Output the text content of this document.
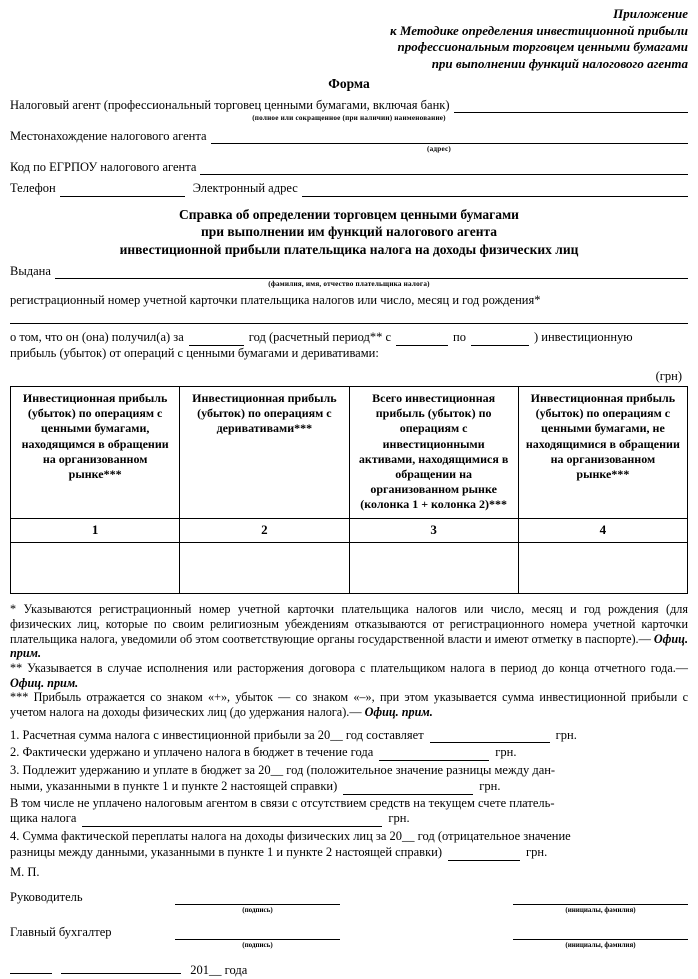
Приложение
к Методике определения инвестиционной прибыли
профессиональным торговцем ценными бумагами
при выполнении функций налогового агента
Форма
Налоговый агент (профессиональный торговец ценными бумагами, включая банк)
(полное или сокращенное (при наличии) наименование)
Местонахождение налогового агента
(адрес)
Код по ЕГРПОУ налогового агента
Телефон	Электронный адрес
Справка об определении торговцем ценными бумагами
при выполнении им функций налогового агента
инвестиционной прибыли плательщика налога на доходы физических лиц
Выдана
(фамилия, имя, отчество плательщика налога)
регистрационный номер учетной карточки плательщика налогов или число, месяц и год рождения*
о том, что он (она) получил(а) за	год (расчетный период** с	по	) инвестиционную
прибыль (убыток) от операций с ценными бумагами и деривативами:
(грн)
Инвестиционная прибыль (убыток) по операциям с ценными бумагами, находящимся в обращении на организованном рынке***	Инвестиционная прибыль (убыток) по операциям с деривативами***	Всего инвестиционная прибыль (убыток) по операциям с инвестиционными активами, находящимися в обращении на организованном рынке (колонка 1 + колонка 2)***	Инвестиционная прибыль (убыток) по операциям с ценными бумагами, не находящимися в обращении на организованном рынке***
1	2	3	4

* Указываются регистрационный номер учетной карточки плательщика налогов или число, месяц и год рождения (для физических лиц, которые по своим религиозным убеждениям отказываются от регистрационного номера учетной карточки плательщика налога, уведомили об этом соответствующие органы государственной власти и имеют отметку в паспорте).— Офиц. прим.
** Указывается в случае исполнения или расторжения договора с плательщиком налога в период до конца отчетного года.— Офиц. прим.
*** Прибыль отражается со знаком «+», убыток — со знаком «–», при этом указывается сумма инвестиционной прибыли с учетом налога на доходы физических лиц (до удержания налога).— Офиц. прим.
1. Расчетная сумма налога с инвестиционной прибыли за 20__ год составляет	грн.
2. Фактически удержано и уплачено налога в бюджет в течение года	грн.
3. Подлежит удержанию и уплате в бюджет за 20__ год (положительное значение разницы между дан-
ными, указанными в пункте 1 и пункте 2 настоящей справки)	грн.
В том числе не уплачено налоговым агентом в связи с отсутствием средств на текущем счете платель-
щика налога	грн.
4. Сумма фактической переплаты налога на доходы физических лиц за 20__ год (отрицательное значение
разницы между данными, указанными в пункте 1 и пункте 2 настоящей справки)	грн.
М. П.
Руководитель
(подпись)	(инициалы, фамилия)
Главный бухгалтер
(подпись)	(инициалы, фамилия)
201__ года
